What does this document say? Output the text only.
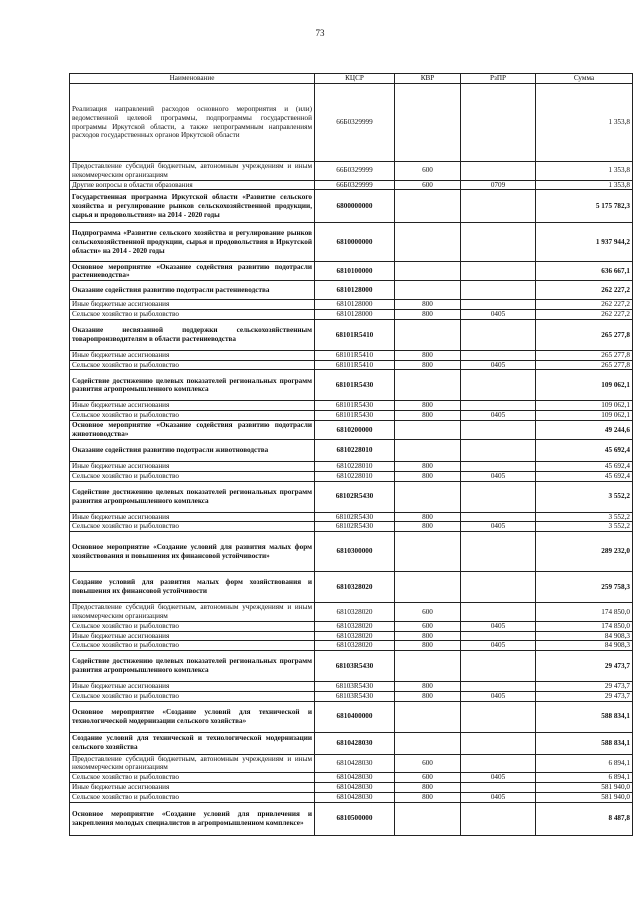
73
Наименование	КЦСР	КВР	РзПР	Сумма
Реализация направлений расходов основного мероприятия и (или) ведомственной целевой программы, подпрограммы государственной программы Иркутской области, а также непрограммным направлениям расходов государственных органов Иркутской области	66Б0329999			1 353,8
Предоставление субсидий бюджетным, автономным учреждениям и иным некоммерческим организациям	66Б0329999	600		1 353,8
Другие вопросы в области образования	66Б0329999	600	0709	1 353,8
Государственная программа Иркутской области «Развитие сельского хозяйства и регулирование рынков сельскохозяйственной продукции, сырья и продовольствия» на 2014 - 2020 годы	6800000000			5 175 782,3
Подпрограмма «Развитие сельского хозяйства и регулирование рынков сельскохозяйственной продукции, сырья и продовольствия в Иркутской области» на 2014 - 2020 годы	6810000000			1 937 944,2
Основное мероприятие «Оказание содействия развитию подотрасли растениеводства»	6810100000			636 667,1
Оказание содействия развитию подотрасли растениеводства	6810128000			262 227,2
Иные бюджетные ассигнования	6810128000	800		262 227,2
Сельское хозяйство и рыболовство	6810128000	800	0405	262 227,2
Оказание несвязанной поддержки сельскохозяйственным товаропроизводителям в области растениеводства	68101R5410			265 277,8
Иные бюджетные ассигнования	68101R5410	800		265 277,8
Сельское хозяйство и рыболовство	68101R5410	800	0405	265 277,8
Содействие достижению целевых показателей региональных программ развития агропромышленного комплекса	68101R5430			109 062,1
Иные бюджетные ассигнования	68101R5430	800		109 062,1
Сельское хозяйство и рыболовство	68101R5430	800	0405	109 062,1
Основное мероприятие «Оказание содействия развитию подотрасли животноводства»	6810200000			49 244,6
Оказание содействия развитию подотрасли животноводства	6810228010			45 692,4
Иные бюджетные ассигнования	6810228010	800		45 692,4
Сельское хозяйство и рыболовство	6810228010	800	0405	45 692,4
Содействие достижению целевых показателей региональных программ развития агропромышленного комплекса	68102R5430			3 552,2
Иные бюджетные ассигнования	68102R5430	800		3 552,2
Сельское хозяйство и рыболовство	68102R5430	800	0405	3 552,2
Основное мероприятие «Создание условий для развития малых форм хозяйствования и повышения их финансовой устойчивости»	6810300000			289 232,0
Создание условий для развития малых форм хозяйствования и повышения их финансовой устойчивости	6810328020			259 758,3
Предоставление субсидий бюджетным, автономным учреждениям и иным некоммерческим организациям	6810328020	600		174 850,0
Сельское хозяйство и рыболовство	6810328020	600	0405	174 850,0
Иные бюджетные ассигнования	6810328020	800		84 908,3
Сельское хозяйство и рыболовство	6810328020	800	0405	84 908,3
Содействие достижению целевых показателей региональных программ развития агропромышленного комплекса	68103R5430			29 473,7
Иные бюджетные ассигнования	68103R5430	800		29 473,7
Сельское хозяйство и рыболовство	68103R5430	800	0405	29 473,7
Основное мероприятие «Создание условий для технической и технологической модернизации сельского хозяйства»	6810400000			588 834,1
Создание условий для технической и технологической модернизации сельского хозяйства	6810428030			588 834,1
Предоставление субсидий бюджетным, автономным учреждениям и иным некоммерческим организациям	6810428030	600		6 894,1
Сельское хозяйство и рыболовство	6810428030	600	0405	6 894,1
Иные бюджетные ассигнования	6810428030	800		581 940,0
Сельское хозяйство и рыболовство	6810428030	800	0405	581 940,0
Основное мероприятие «Создание условий для привлечения и закрепления молодых специалистов в агропромышленном комплексе»	6810500000			8 487,8
